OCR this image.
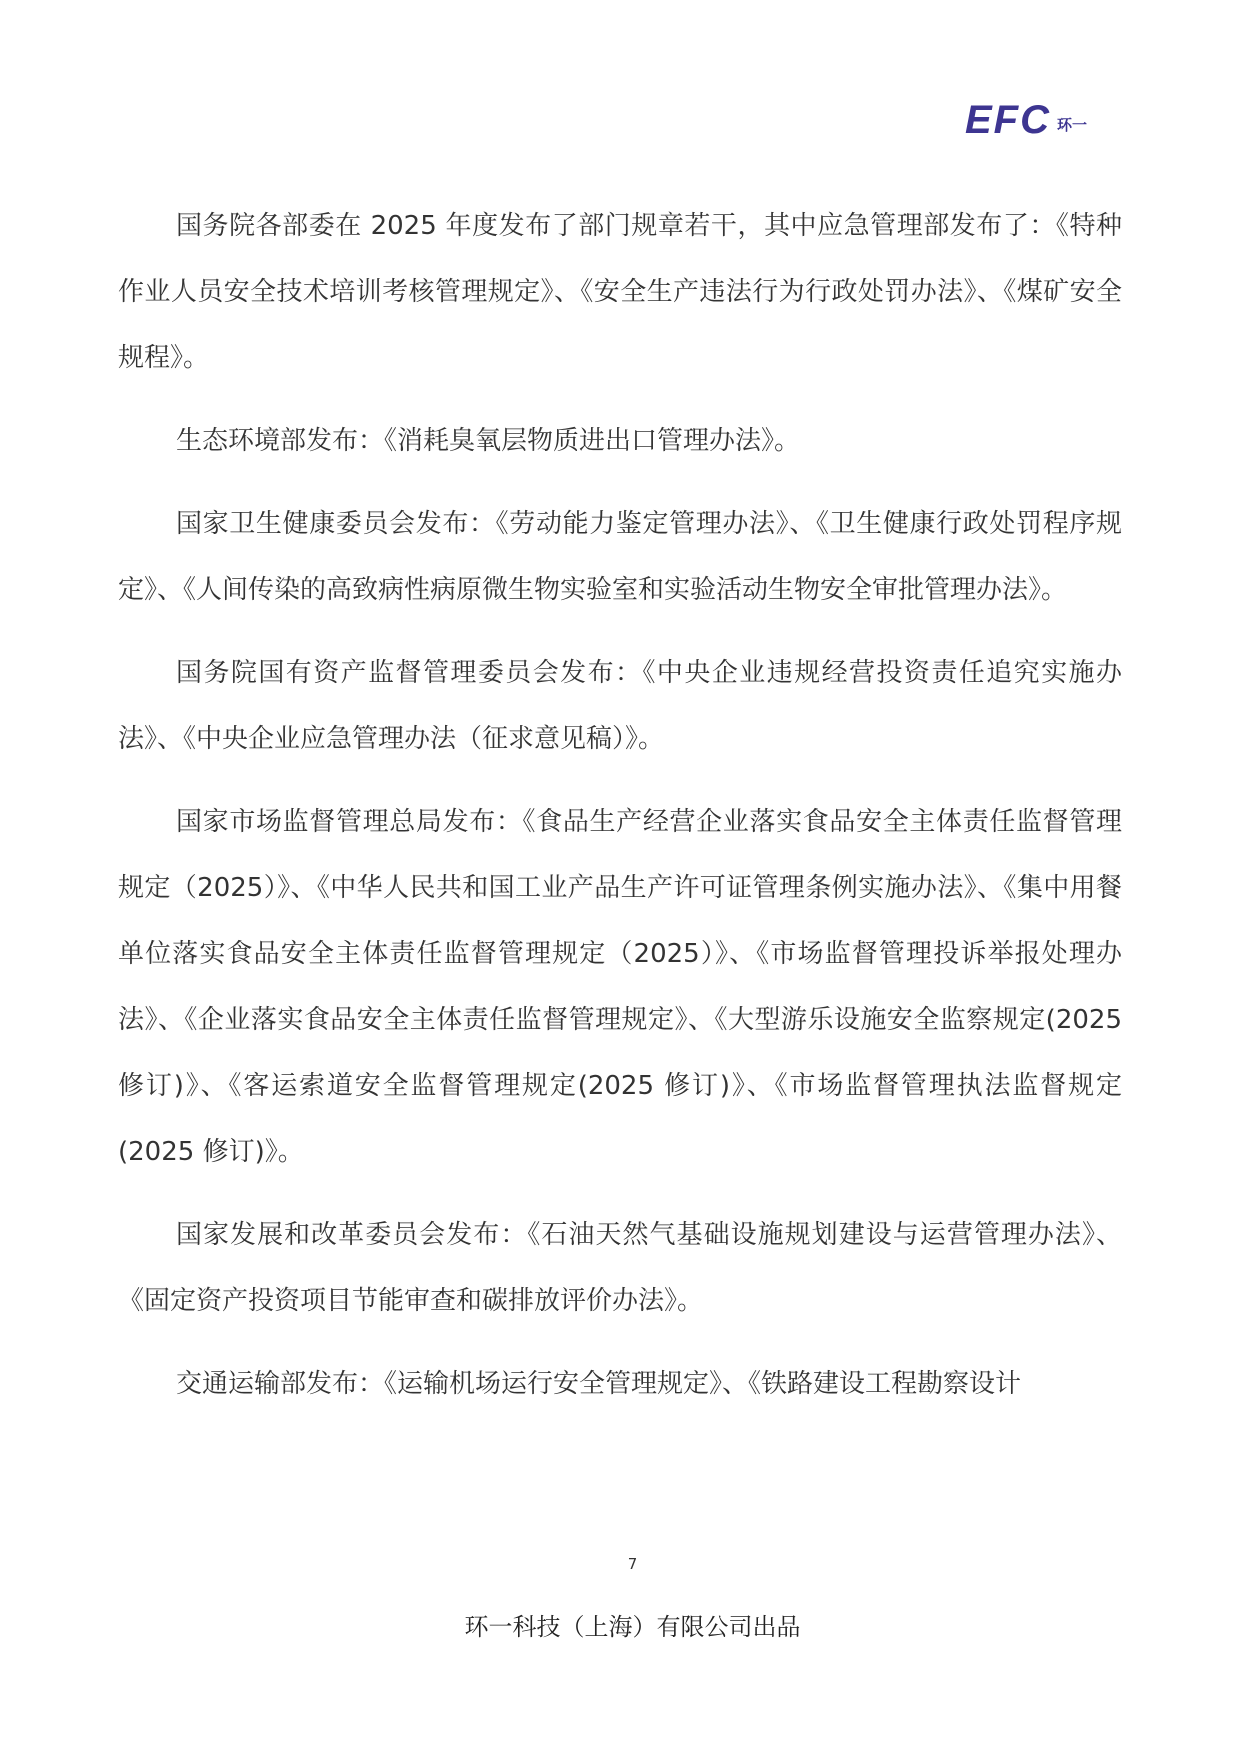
EFC 环一

国务院各部委在 2025 年度发布了部门规章若干，其中应急管理部发布了：《特种作业人员安全技术培训考核管理规定》、《安全生产违法行为行政处罚办法》、《煤矿安全规程》。

生态环境部发布：《消耗臭氧层物质进出口管理办法》。

国家卫生健康委员会发布：《劳动能力鉴定管理办法》、《卫生健康行政处罚程序规定》、《人间传染的高致病性病原微生物实验室和实验活动生物安全审批管理办法》。

国务院国有资产监督管理委员会发布：《中央企业违规经营投资责任追究实施办法》、《中央企业应急管理办法（征求意见稿）》。

国家市场监督管理总局发布：《食品生产经营企业落实食品安全主体责任监督管理规定（2025）》、《中华人民共和国工业产品生产许可证管理条例实施办法》、《集中用餐单位落实食品安全主体责任监督管理规定（2025）》、《市场监督管理投诉举报处理办法》、《企业落实食品安全主体责任监督管理规定》、《大型游乐设施安全监察规定(2025 修订)》、《客运索道安全监督管理规定(2025 修订)》、《市场监督管理执法监督规定(2025 修订)》。

国家发展和改革委员会发布：《石油天然气基础设施规划建设与运营管理办法》、《固定资产投资项目节能审查和碳排放评价办法》。

交通运输部发布：《运输机场运行安全管理规定》、《铁路建设工程勘察设计

7
环一科技（上海）有限公司出品
